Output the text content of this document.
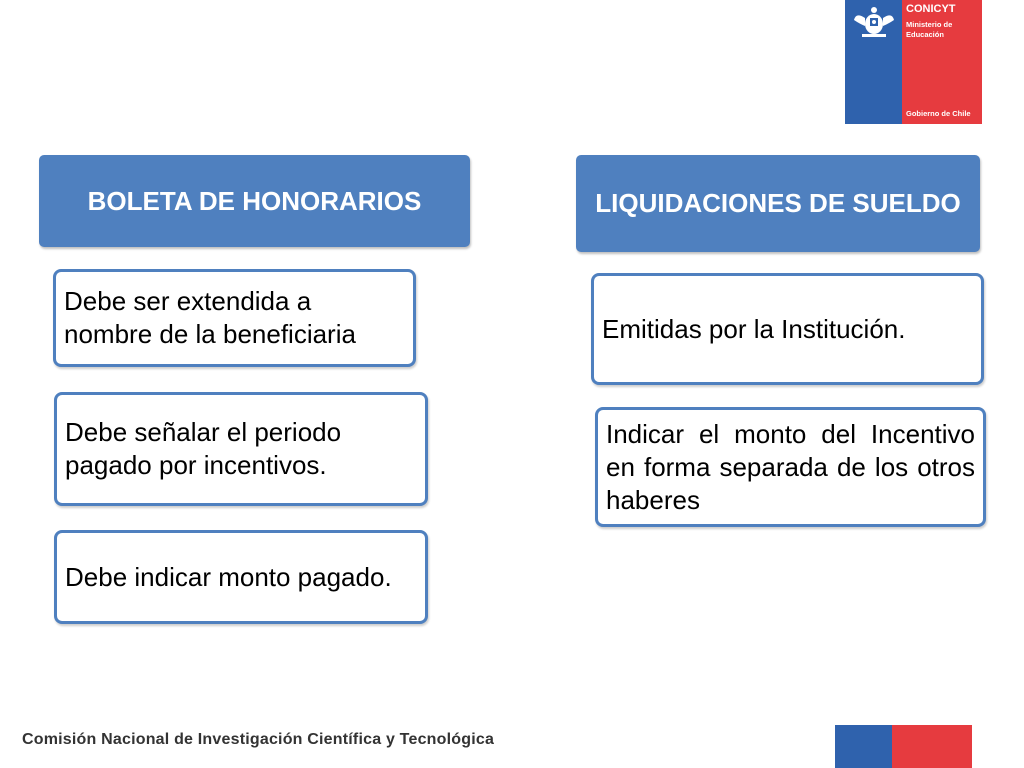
CONICYT
Ministerio de Educación
Gobierno de Chile
BOLETA DE HONORARIOS
Debe ser extendida a nombre de la beneficiaria
Debe señalar el periodo pagado por incentivos.
Debe indicar monto pagado.
LIQUIDACIONES DE SUELDO
Emitidas por la Institución.
Indicar el monto del Incentivo en forma separada de los otros haberes
Comisión Nacional de Investigación Científica y Tecnológica
